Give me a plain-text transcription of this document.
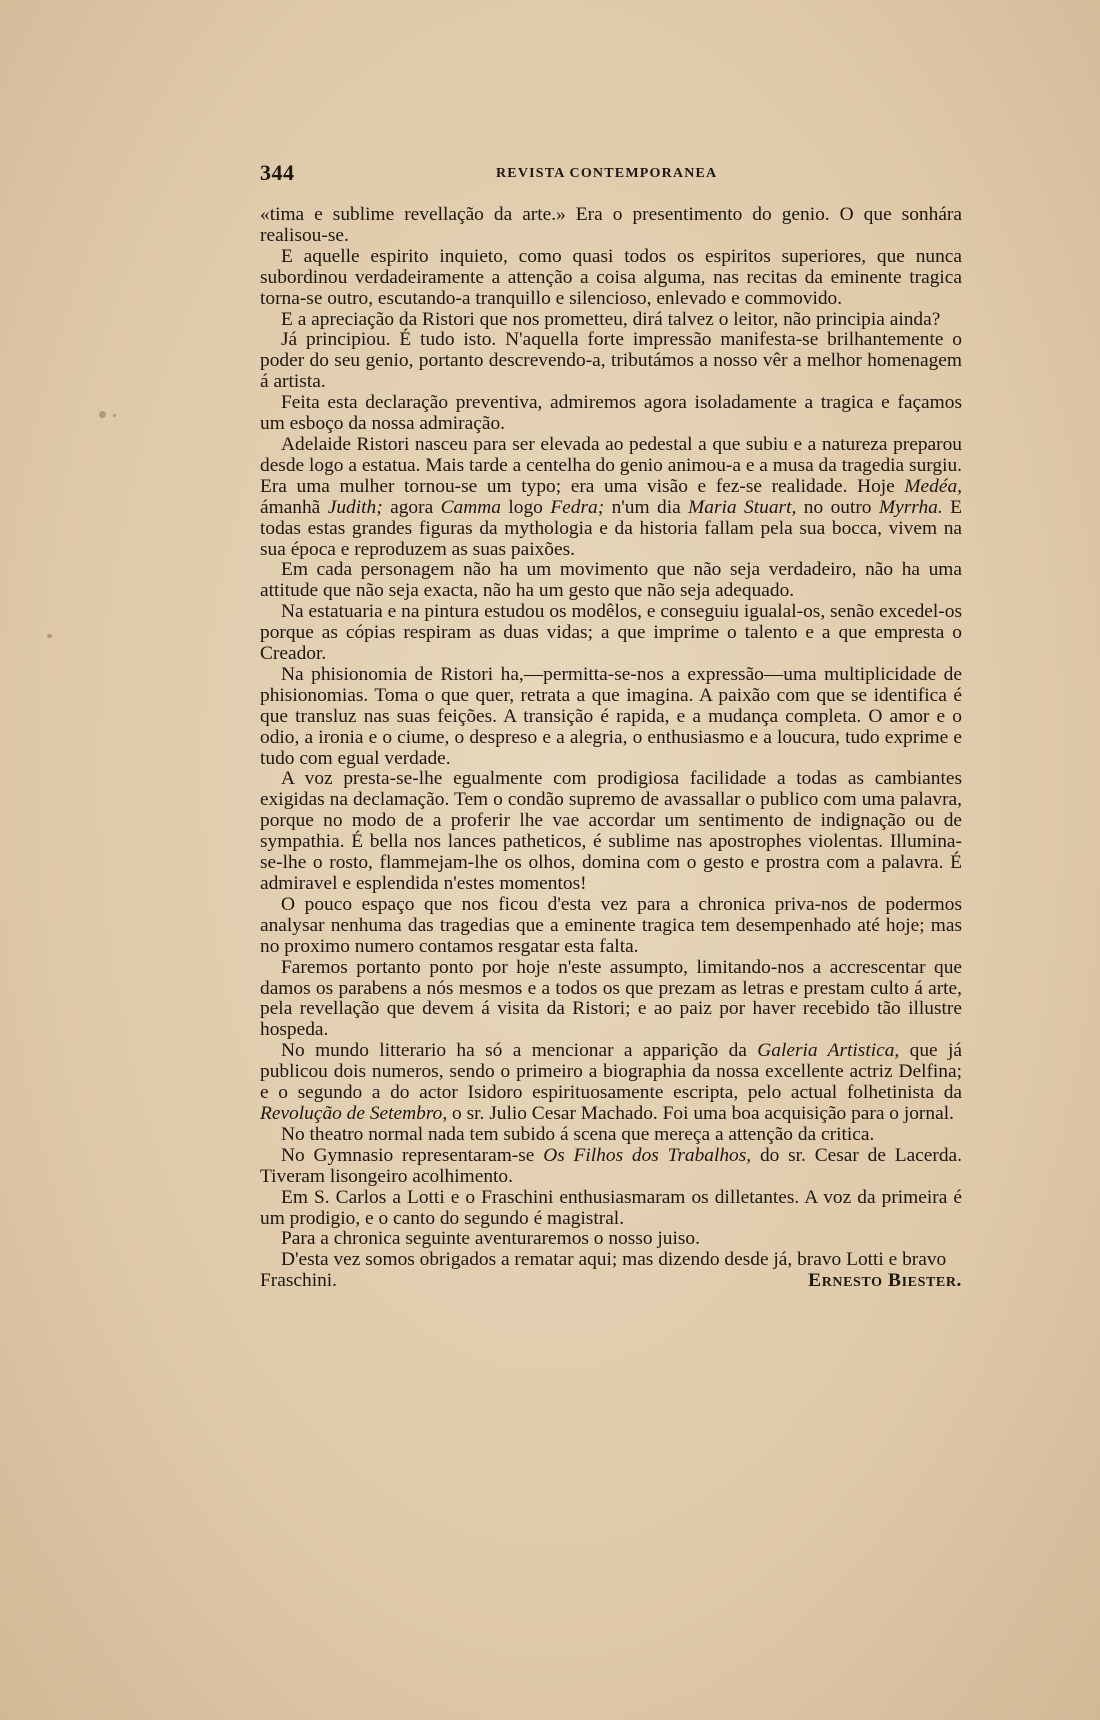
344	REVISTA CONTEMPORANEA

«tima e sublime revellação da arte.» Era o presentimento do genio. O que sonhára realisou-se.

E aquelle espirito inquieto, como quasi todos os espiritos superiores, que nunca subordinou verdadeiramente a attenção a coisa alguma, nas recitas da eminente tragica torna-se outro, escutando-a tranquillo e silencioso, enlevado e commovido.

E a apreciação da Ristori que nos prometteu, dirá talvez o leitor, não principia ainda?

Já principiou. É tudo isto. N'aquella forte impressão manifesta-se brilhantemente o poder do seu genio, portanto descrevendo-a, tributámos a nosso vêr a melhor homenagem á artista.

Feita esta declaração preventiva, admiremos agora isoladamente a tragica e façamos um esboço da nossa admiração.

Adelaide Ristori nasceu para ser elevada ao pedestal a que subiu e a natureza preparou desde logo a estatua. Mais tarde a centelha do genio animou-a e a musa da tragedia surgiu. Era uma mulher tornou-se um typo; era uma visão e fez-se realidade. Hoje Medéa, ámanhã Judith; agora Camma logo Fedra; n'um dia Maria Stuart, no outro Myrrha. E todas estas grandes figuras da mythologia e da historia fallam pela sua bocca, vivem na sua época e reproduzem as suas paixões.

Em cada personagem não ha um movimento que não seja verdadeiro, não ha uma attitude que não seja exacta, não ha um gesto que não seja adequado.

Na estatuaria e na pintura estudou os modêlos, e conseguiu igualal-os, senão excedel-os porque as cópias respiram as duas vidas; a que imprime o talento e a que empresta o Creador.

Na phisionomia de Ristori ha,—permitta-se-nos a expressão—uma multiplicidade de phisionomias. Toma o que quer, retrata a que imagina. A paixão com que se identifica é que transluz nas suas feições. A transição é rapida, e a mudança completa. O amor e o odio, a ironia e o ciume, o despreso e a alegria, o enthusiasmo e a loucura, tudo exprime e tudo com egual verdade.

A voz presta-se-lhe egualmente com prodigiosa facilidade a todas as cambiantes exigidas na declamação. Tem o condão supremo de avassallar o publico com uma palavra, porque no modo de a proferir lhe vae accordar um sentimento de indignação ou de sympathia. É bella nos lances patheticos, é sublime nas apostrophes violentas. Illumina-se-lhe o rosto, flammejam-lhe os olhos, domina com o gesto e prostra com a palavra. É admiravel e esplendida n'estes momentos!

O pouco espaço que nos ficou d'esta vez para a chronica priva-nos de podermos analysar nenhuma das tragedias que a eminente tragica tem desempenhado até hoje; mas no proximo numero contamos resgatar esta falta.

Faremos portanto ponto por hoje n'este assumpto, limitando-nos a accrescentar que damos os parabens a nós mesmos e a todos os que prezam as letras e prestam culto á arte, pela revellação que devem á visita da Ristori; e ao paiz por haver recebido tão illustre hospeda.

No mundo litterario ha só a mencionar a apparição da Galeria Artistica, que já publicou dois numeros, sendo o primeiro a biographia da nossa excellente actriz Delfina; e o segundo a do actor Isidoro espirituosamente escripta, pelo actual folhetinista da Revolução de Setembro, o sr. Julio Cesar Machado. Foi uma boa acquisição para o jornal.

No theatro normal nada tem subido á scena que mereça a attenção da critica.

No Gymnasio representaram-se Os Filhos dos Trabalhos, do sr. Cesar de Lacerda. Tiveram lisongeiro acolhimento.

Em S. Carlos a Lotti e o Fraschini enthusiasmaram os dilletantes. A voz da primeira é um prodigio, e o canto do segundo é magistral.

Para a chronica seguinte aventuraremos o nosso juiso.

D'esta vez somos obrigados a rematar aqui; mas dizendo desde já, bravo Lotti e bravo Fraschini.	Ernesto Biester.
